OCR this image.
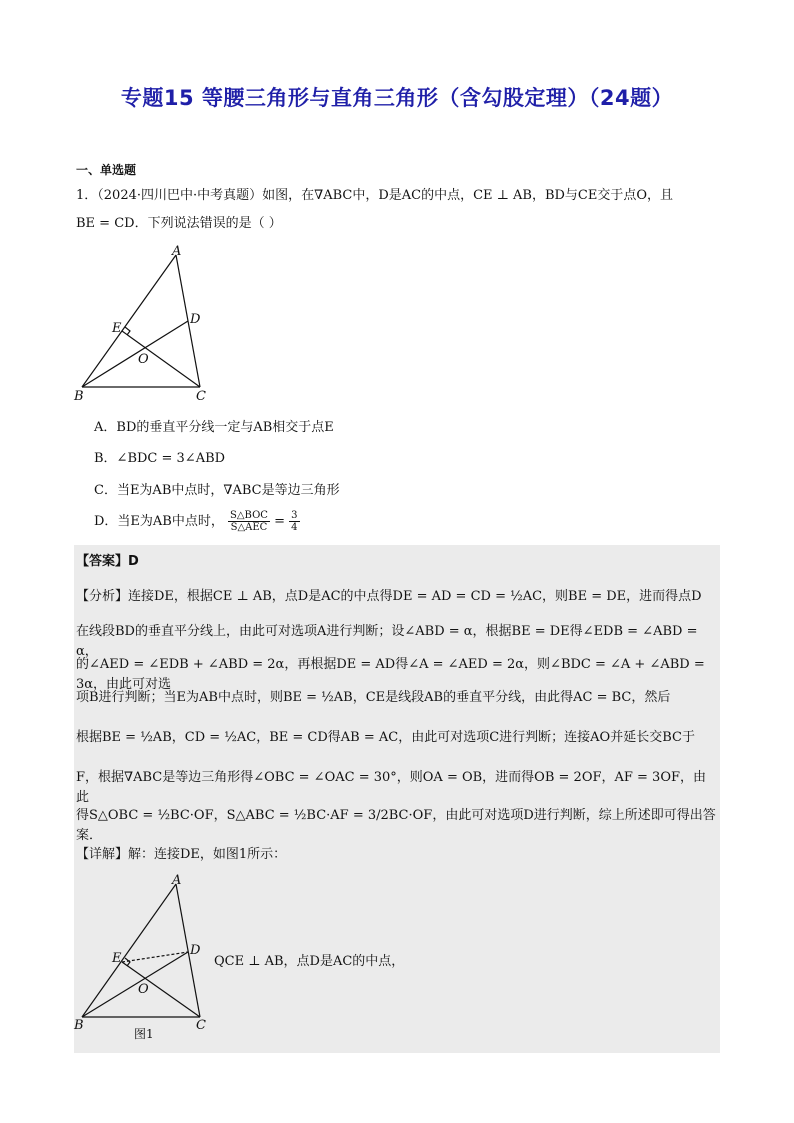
专题15 等腰三角形与直角三角形（含勾股定理）（24题）
一、单选题
1．（2024·四川巴中·中考真题）如图，在∇ABC中，D是AC的中点，CE ⊥ AB，BD与CE交于点O，且
BE = CD．下列说法错误的是（ ）
A
B	C
D
E
O
A．BD的垂直平分线一定与AB相交于点E
B．∠BDC = 3∠ABD
C．当E为AB中点时，∇ABC是等边三角形
D．当E为AB中点时， $\frac{\text{S△BOC}}{\text{S△AEC}} = \frac{3}{4}$
【答案】D
【分析】连接DE，根据CE ⊥ AB，点D是AC的中点得DE = AD = CD = ½AC，则BE = DE，进而得点D
在线段BD的垂直平分线上，由此可对选项A进行判断；设∠ABD = α，根据BE = DE得∠EDB = ∠ABD = α，
的∠AED = ∠EDB + ∠ABD = 2α，再根据DE = AD得∠A = ∠AED = 2α，则∠BDC = ∠A + ∠ABD = 3α，由此可对选
项B进行判断；当E为AB中点时，则BE = ½AB，CE是线段AB的垂直平分线，由此得AC = BC，然后
根据BE = ½AB，CD = ½AC，BE = CD得AB = AC，由此可对选项C进行判断；连接AO并延长交BC于
F，根据∇ABC是等边三角形得∠OBC = ∠OAC = 30°，则OA = OB，进而得OB = 2OF，AF = 3OF，由此
得S△OBC = ½BC·OF，S△ABC = ½BC·AF = 3/2BC·OF，由此可对选项D进行判断，综上所述即可得出答案．
【详解】解：连接DE，如图1所示：
A
B	C
D
E
O
QCE ⊥ AB，点D是AC的中点，
图1
